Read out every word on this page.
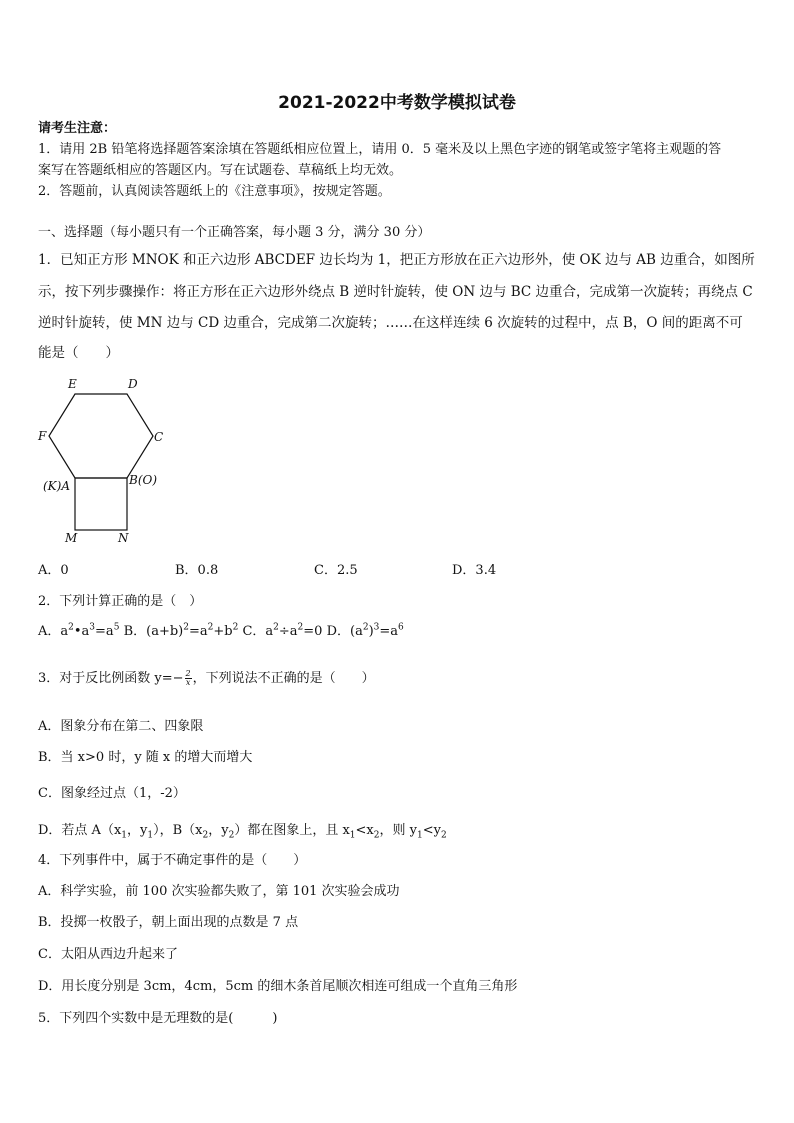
2021-2022中考数学模拟试卷
请考生注意：
1．请用 2B 铅笔将选择题答案涂填在答题纸相应位置上，请用 0．5 毫米及以上黑色字迹的钢笔或签字笔将主观题的答
案写在答题纸相应的答题区内。写在试题卷、草稿纸上均无效。
2．答题前，认真阅读答题纸上的《注意事项》，按规定答题。
一、选择题（每小题只有一个正确答案，每小题 3 分，满分 30 分）
1．已知正方形 MNOK 和正六边形 ABCDEF 边长均为 1，把正方形放在正六边形外，使 OK 边与 AB 边重合，如图所
示，按下列步骤操作：将正方形在正六边形外绕点 B 逆时针旋转，使 ON 边与 BC 边重合，完成第一次旋转；再绕点 C
逆时针旋转，使 MN 边与 CD 边重合，完成第二次旋转；……在这样连续 6 次旋转的过程中，点 B，O 间的距离不可
能是（　　）
E	D
F	C
(K)A	B(O)
M	N
A．0	B．0.8	C．2.5	D．3.4
2．下列计算正确的是（　）
A．$a^2•a^3=a^5$ B．$(a+b)^2=a^2+b^2$ C．$a^2\div a^2=0$ D．$(a^2)^3=a^6$
3．对于反比例函数 $y=- \frac{2}{x}$ ，下列说法不正确的是（　　）
A．图象分布在第二、四象限
B．当 x>0 时，y 随 x 的增大而增大
C．图象经过点（1，-2）
D．若点 $A(x_1$，$y_1$），$B(x_2$，$y_2$）都在图象上，且 $x_1<x_2$，则 $y_1<y_2$
4．下列事件中，属于不确定事件的是（　　）
A．科学实验，前 100 次实验都失败了，第 101 次实验会成功
B．投掷一枚骰子，朝上面出现的点数是 7 点
C．太阳从西边升起来了
D．用长度分别是 3cm，4cm，5cm 的细木条首尾顺次相连可组成一个直角三角形
5．下列四个实数中是无理数的是(　　　)
